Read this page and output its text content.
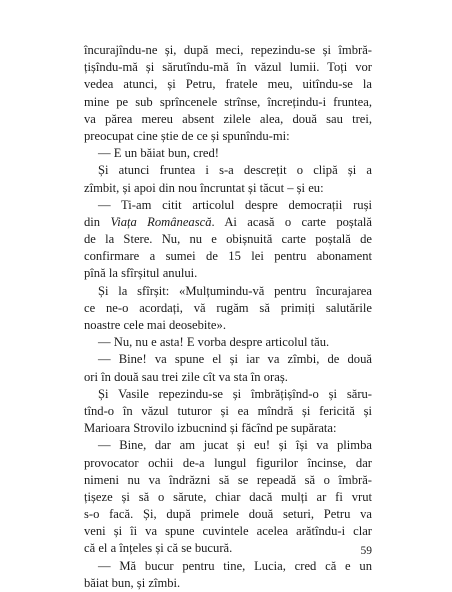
încurajîndu-ne și, după meci, repezindu-se și îmbră-
țișîndu-mă și sărutîndu-mă în văzul lumii. Toți vor
vedea atunci, și Petru, fratele meu, uitîndu-se la
mine pe sub sprîncenele strînse, încrețindu-i fruntea,
va părea mereu absent zilele alea, două sau trei,
preocupat cine știe de ce și spunîndu-mi:
— E un băiat bun, cred!
Și atunci fruntea i s-a descrețit o clipă și a
zîmbit, și apoi din nou încruntat și tăcut – și eu:
— Ti-am citit articolul despre democrații ruși
din Viața Românească. Ai acasă o carte poștală
de la Stere. Nu, nu e obișnuită carte poștală de
confirmare a sumei de 15 lei pentru abonament
pînă la sfîrșitul anului.
Și la sfîrșit: «Mulțumindu-vă pentru încurajarea
ce ne-o acordați, vă rugăm să primiți salutările
noastre cele mai deosebite».
— Nu, nu e asta! E vorba despre articolul tău.
— Bine! va spune el și iar va zîmbi, de două
ori în două sau trei zile cît va sta în oraș.
Și Vasile repezindu-se și îmbrățișînd-o și săru-
tînd-o în văzul tuturor și ea mîndră și fericită și
Marioara Strovilo izbucnind și făcînd pe supărata:
— Bine, dar am jucat și eu! și își va plimba
provocator ochii de-a lungul figurilor încinse, dar
nimeni nu va îndrăzni să se repeadă să o îmbră-
țișeze și să o sărute, chiar dacă mulți ar fi vrut
s-o facă. Și, după primele două seturi, Petru va
veni și îi va spune cuvintele acelea arătîndu-i clar
că el a înțeles și că se bucură.
— Mă bucur pentru tine, Lucia, cred că e un
băiat bun, și zîmbi.
59
